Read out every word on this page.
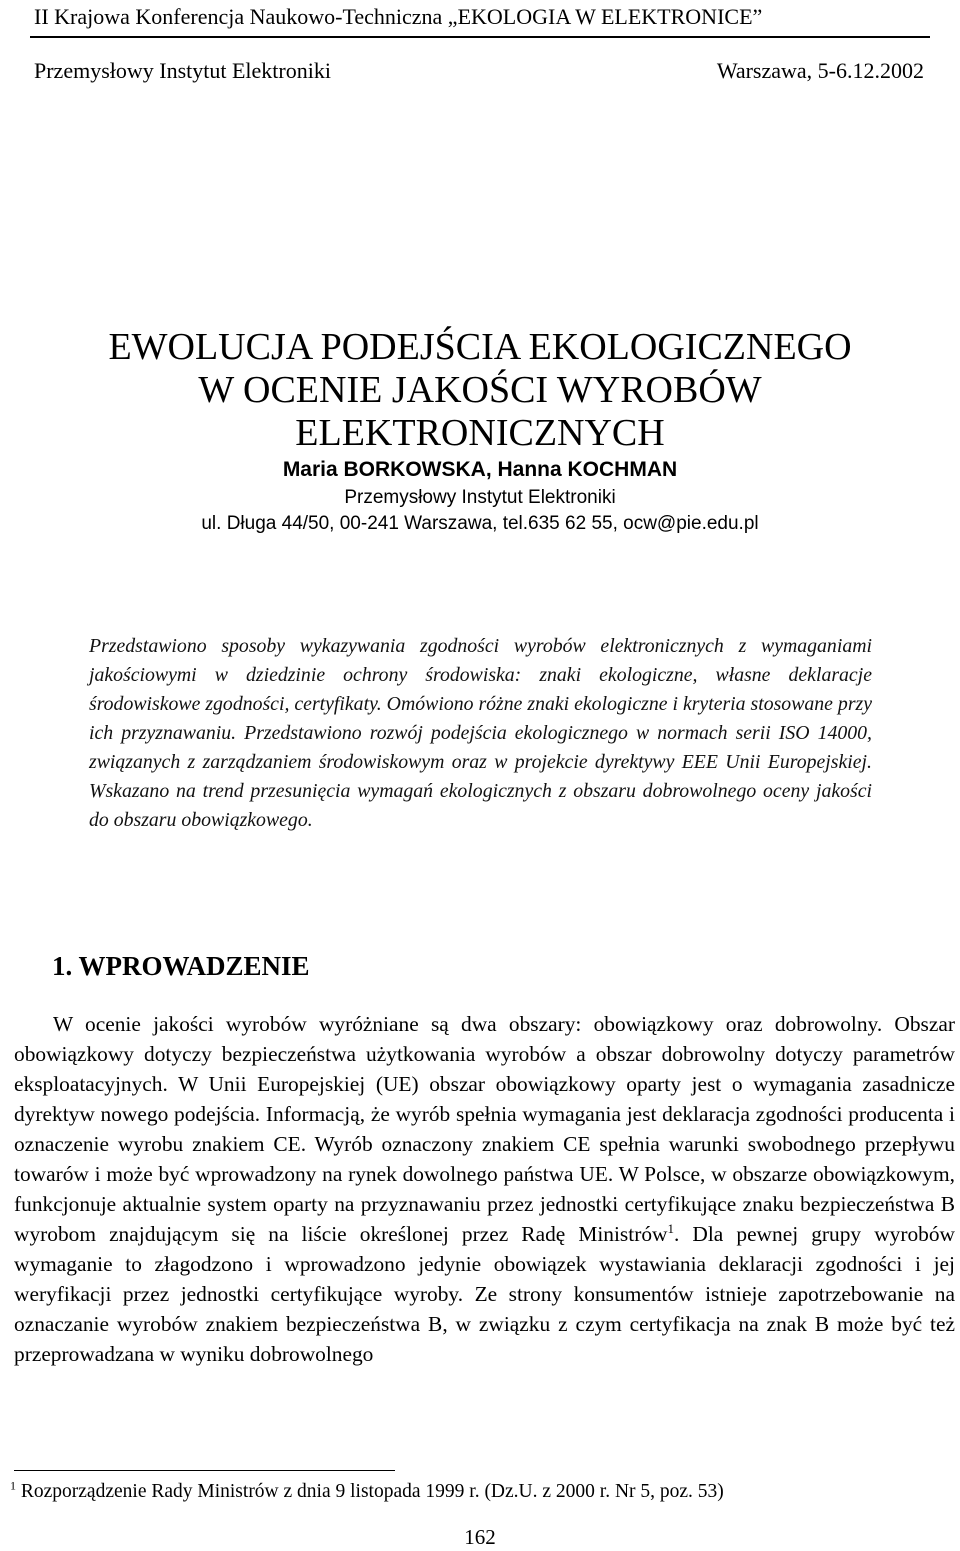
II Krajowa Konferencja Naukowo-Techniczna „EKOLOGIA W ELEKTRONICE”
Przemysłowy Instytut Elektroniki	Warszawa, 5-6.12.2002
EWOLUCJA PODEJŚCIA EKOLOGICZNEGO
W OCENIE JAKOŚCI WYROBÓW
ELEKTRONICZNYCH
Maria BORKOWSKA, Hanna KOCHMAN
Przemysłowy Instytut Elektroniki
ul. Długa 44/50, 00-241 Warszawa, tel.635 62 55, ocw@pie.edu.pl
Przedstawiono sposoby wykazywania zgodności wyrobów elektronicznych z wymaganiami jakościowymi w dziedzinie ochrony środowiska: znaki ekologiczne, własne deklaracje środowiskowe zgodności, certyfikaty. Omówiono różne znaki ekologiczne i kryteria stosowane przy ich przyznawaniu. Przedstawiono rozwój podejścia ekologicznego w normach serii ISO 14000, związanych z zarządzaniem środowiskowym oraz w projekcie dyrektywy EEE Unii Europejskiej. Wskazano na trend przesunięcia wymagań ekologicznych z obszaru dobrowolnego oceny jakości do obszaru obowiązkowego.
1. WPROWADZENIE
W ocenie jakości wyrobów wyróżniane są dwa obszary: obowiązkowy oraz dobrowolny. Obszar obowiązkowy dotyczy bezpieczeństwa użytkowania wyrobów a obszar dobrowolny dotyczy parametrów eksploatacyjnych. W Unii Europejskiej (UE) obszar obowiązkowy oparty jest o wymagania zasadnicze dyrektyw nowego podejścia. Informacją, że wyrób spełnia wymagania jest deklaracja zgodności producenta i oznaczenie wyrobu znakiem CE. Wyrób oznaczony znakiem CE spełnia warunki swobodnego przepływu towarów i może być wprowadzony na rynek dowolnego państwa UE. W Polsce, w obszarze obowiązkowym, funkcjonuje aktualnie system oparty na przyznawaniu przez jednostki certyfikujące znaku bezpieczeństwa B wyrobom znajdującym się na liście określonej przez Radę Ministrów$^1$. Dla pewnej grupy wyrobów wymaganie to złagodzono i wprowadzono jedynie obowiązek wystawiania deklaracji zgodności i jej weryfikacji przez jednostki certyfikujące wyroby. Ze strony konsumentów istnieje zapotrzebowanie na oznaczanie wyrobów znakiem bezpieczeństwa B, w związku z czym certyfikacja na znak B może być też przeprowadzana w wyniku dobrowolnego
$^1$ Rozporządzenie Rady Ministrów z dnia 9 listopada 1999 r. (Dz.U. z 2000 r. Nr 5, poz. 53)
162
